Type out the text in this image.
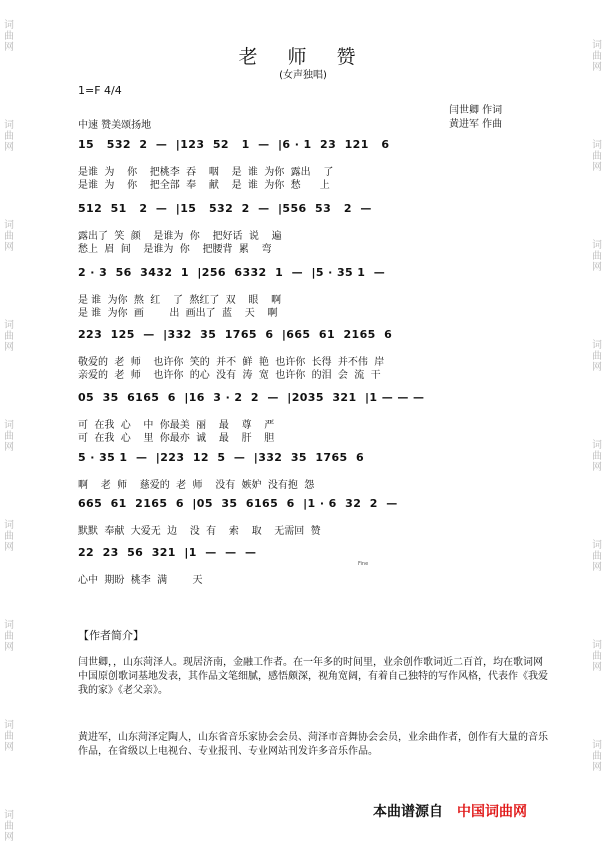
词曲网
词曲网
词曲网
词曲网
词曲网
词曲网
词曲网
词曲网
词曲网
词曲网
词曲网
词曲网
词曲网
词曲网
词曲网
词曲网
词曲网
老 师 赞
(女声独唱)
1=F 4/4
闫世卿 作词
黄进军 作曲
中速 赞美颂扬地
15   532  2  —  |123  52   1  —  |6 · 1  23  121   6
是谁  为    你    把桃李  吞    咽    是  谁  为你  露出    了
是谁  为    你    把全部  奉    献    是  谁  为你  愁      上
512  51   2  —  |15   532  2  —  |556  53   2  —
露出了  笑  颜    是谁为  你    把好话  说    遍
愁上  眉  间    是谁为  你    把腰背  累    弯
2 · 3  56  3432  1  |256  6332  1  —  |5 · 35 1  —
是 谁  为你  熬  红    了  熬红了  双    眼    啊
是 谁  为你  画        出  画出了  蓝    天    啊
223  125  —  |332  35  1765  6  |665  61  2165  6
敬爱的  老  师    也许你  笑的  并不  鲜  艳  也许你  长得  并不伟  岸
亲爱的  老  师    也许你  的心  没有  涛  宽  也许你  的泪  会  流  干
05  35  6165  6  |16  3 · 2  2  —  |2035  321  |1 — — —
可  在我  心    中  你最美  丽    最    尊    严
可  在我  心    里  你最亦  诚    最    肝    胆
5 · 35 1  —  |223  12  5  —  |332  35  1765  6
啊    老  师    慈爱的  老  师    没有  嫉妒  没有抱  怨
665  61  2165  6  |05  35  6165  6  |1 · 6  32  2  —
默默  奉献  大爱无  边    没  有    索    取    无需回  赞
22  23  56  321  |1  —  —  —
心中  期盼  桃李  满        天
Fine
【作者简介】
闫世卿，，山东菏泽人。现居济南，金融工作者。在一年多的时间里，业余创作歌词近二百首，均在歌词网中国原创歌词基地发表，其作品文笔细腻，感悟颇深，视角宽阔，有着自己独特的写作风格，代表作《我爱我的家》《老父亲》。
黄进军，山东菏泽定陶人，山东省音乐家协会会员、菏泽市音舞协会会员，业余曲作者，创作有大量的音乐作品，在省级以上电视台、专业报刊、专业网站刊发许多音乐作品。
本曲谱源自 中国词曲网
